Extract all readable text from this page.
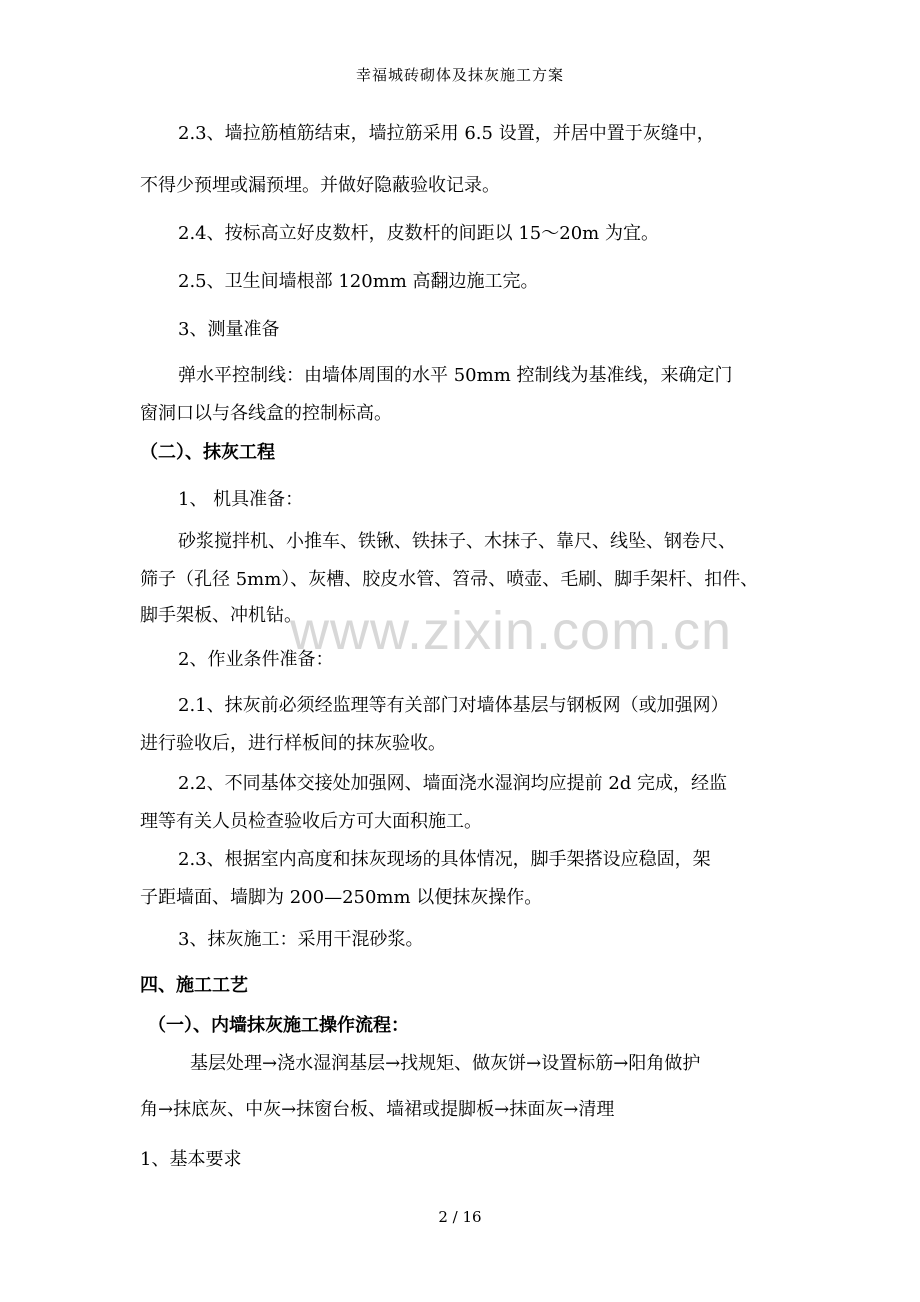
幸福城砖砌体及抹灰施工方案
2.3、墙拉筋植筋结束，墙拉筋采用 6.5 设置，并居中置于灰缝中，
不得少预埋或漏预埋。并做好隐蔽验收记录。
2.4、按标高立好皮数杆，皮数杆的间距以 15～20m 为宜。
2.5、卫生间墙根部 120mm 高翻边施工完。
3、测量准备
弹水平控制线：由墙体周围的水平 50mm 控制线为基准线，来确定门
窗洞口以与各线盒的控制标高。
（二）、抹灰工程
1、 机具准备：
砂浆搅拌机、小推车、铁锹、铁抹子、木抹子、靠尺、线坠、钢卷尺、
筛子（孔径 5mm）、灰槽、胶皮水管、笤帚、喷壶、毛刷、脚手架杆、扣件、
脚手架板、冲机钻。
2、作业条件准备：
2.1、抹灰前必须经监理等有关部门对墙体基层与钢板网（或加强网）
进行验收后，进行样板间的抹灰验收。
2.2、不同基体交接处加强网、墙面浇水湿润均应提前 2d 完成，经监
理等有关人员检查验收后方可大面积施工。
2.3、根据室内高度和抹灰现场的具体情况，脚手架搭设应稳固，架
子距墙面、墙脚为 200—250mm 以便抹灰操作。
3、抹灰施工：采用干混砂浆。
四、施工工艺
（一）、内墙抹灰施工操作流程：
基层处理→浇水湿润基层→找规矩、做灰饼→设置标筋→阳角做护
角→抹底灰、中灰→抹窗台板、墙裙或提脚板→抹面灰→清理
1、基本要求
www.zixin.com.cn
2 / 16
